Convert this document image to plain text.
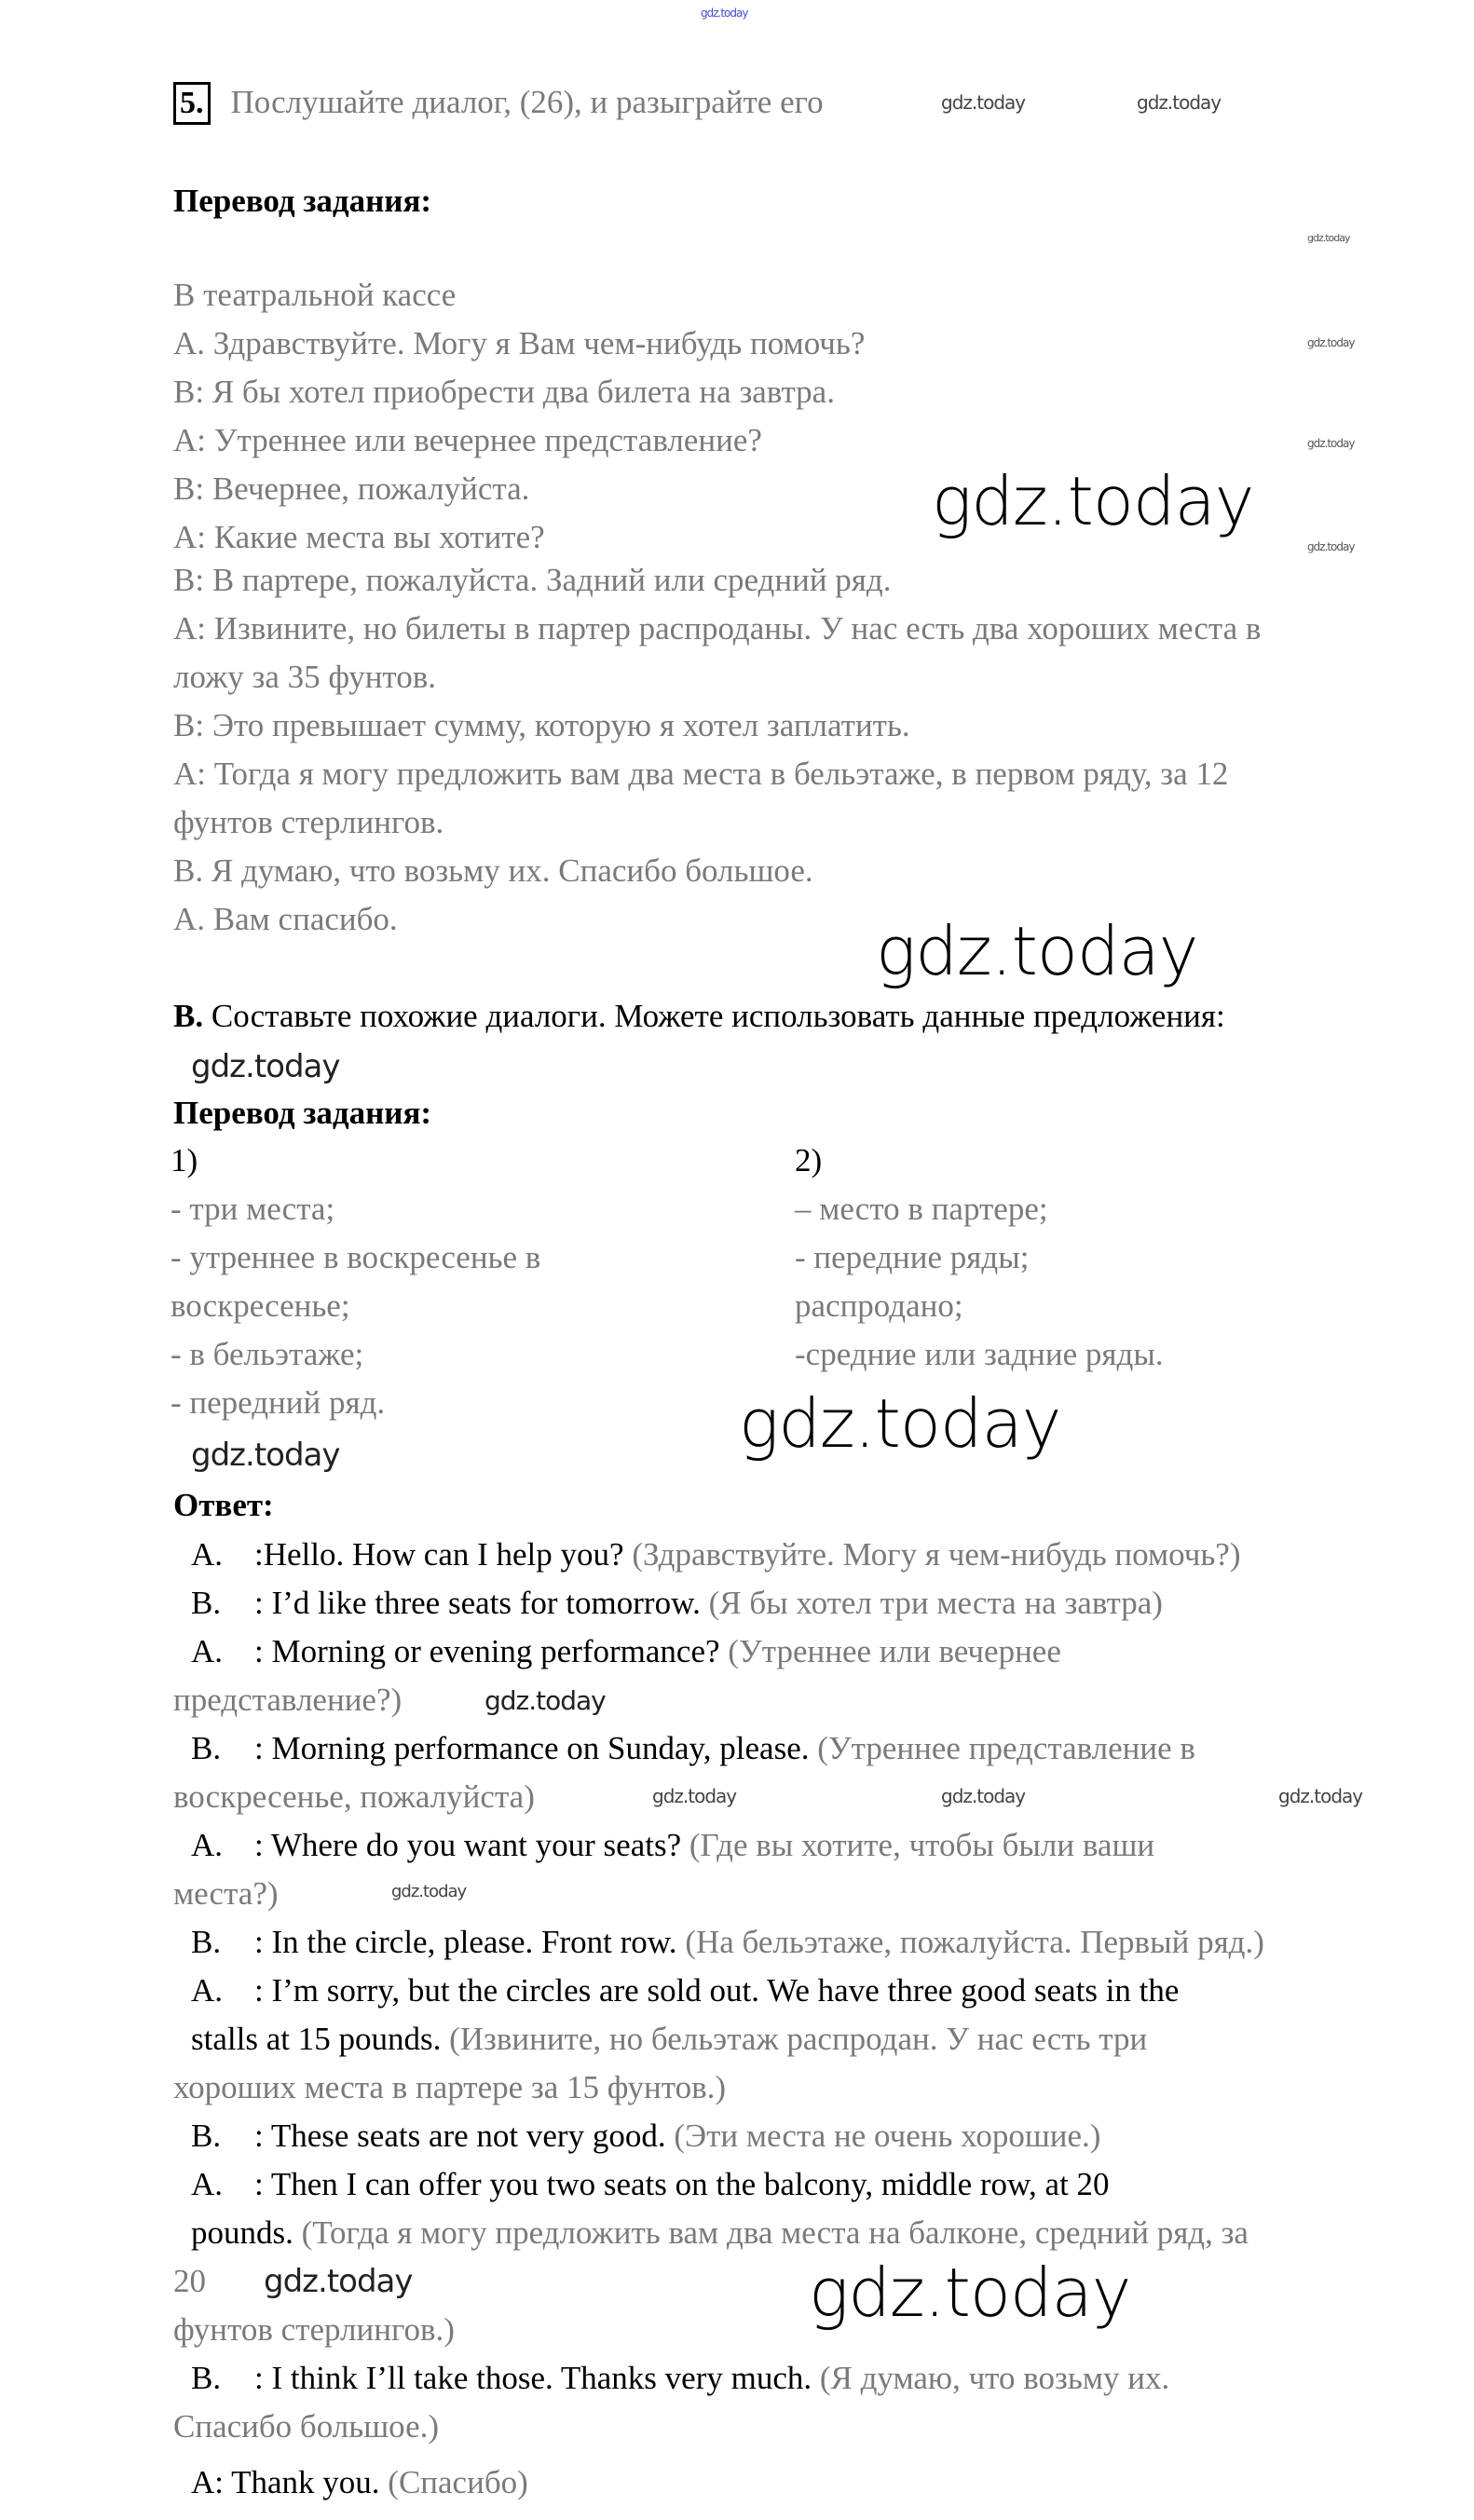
gdz.today
gdz.today	gdz.today
gdz.today
gdz.today
gdz.today
gdz.today
gdz.today
gdz.today
gdz.today
gdz.today
gdz.today
gdz.today
gdz.today	gdz.today	gdz.today
gdz.today
gdz.today	gdz.today
5. Послушайте диалог, (26), и разыграйте его
Перевод задания:
В театральной кассе
А. Здравствуйте. Могу я Вам чем-нибудь помочь?
В: Я бы хотел приобрести два билета на завтра.
А: Утреннее или вечернее представление?
В: Вечернее, пожалуйста.
А: Какие места вы хотите?
В: В партере, пожалуйста. Задний или средний ряд.
А: Извините, но билеты в партер распроданы. У нас есть два хороших места в
ложу за 35 фунтов.
В: Это превышает сумму, которую я хотел заплатить.
А: Тогда я могу предложить вам два места в бельэтаже, в первом ряду, за 12
фунтов стерлингов.
В. Я думаю, что возьму их. Спасибо большое.
А. Вам спасибо.
B. Составьте похожие диалоги. Можете использовать данные предложения:
Перевод задания:
1)
- три места;
- утреннее в воскресенье в
воскресенье;
- в бельэтаже;
- передний ряд.
2)
– место в партере;
- передние ряды;
распродано;
-средние или задние ряды.
Ответ:
A. :Hello. How can I help you? (Здравствуйте. Могу я чем-нибудь помочь?)
B. : I’d like three seats for tomorrow. (Я бы хотел три места на завтра)
A. : Morning or evening performance? (Утреннее или вечернее
представление?)
B. : Morning performance on Sunday, please. (Утреннее представление в
воскресенье, пожалуйста)
A. : Where do you want your seats? (Где вы хотите, чтобы были ваши
места?)
B. : In the circle, please. Front row. (На бельэтаже, пожалуйста. Первый ряд.)
A. : I’m sorry, but the circles are sold out. We have three good seats in the
stalls at 15 pounds. (Извините, но бельэтаж распродан. У нас есть три
хороших места в партере за 15 фунтов.)
B. : These seats are not very good. (Эти места не очень хорошие.)
A. : Then I can offer you two seats on the balcony, middle row, at 20
pounds. (Тогда я могу предложить вам два места на балконе, средний ряд, за
20
фунтов стерлингов.)
B. : I think I’ll take those. Thanks very much. (Я думаю, что возьму их.
Спасибо большое.)
A: Thank you. (Спасибо)
